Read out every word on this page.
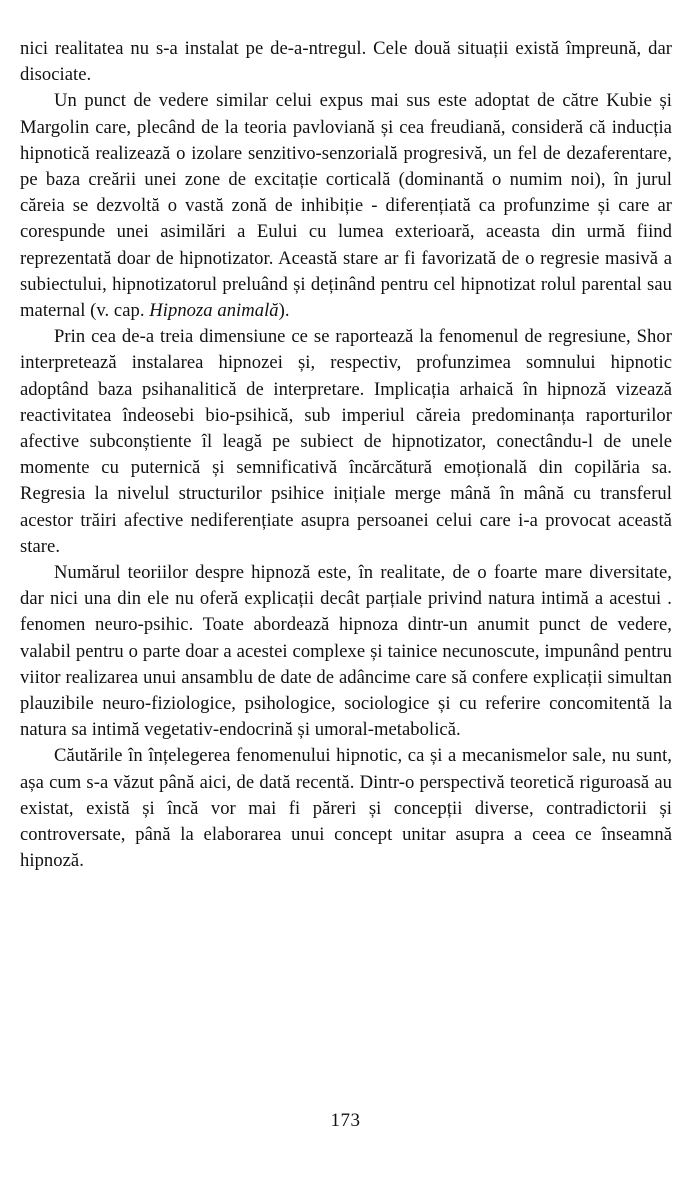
nici realitatea nu s-a instalat pe de-a-ntregul. Cele două situații există împreună, dar disociate.

Un punct de vedere similar celui expus mai sus este adoptat de către Kubie și Margolin care, plecând de la teoria pavloviană și cea freudiană, consideră că inducția hipnotică realizează o izolare senzitivo-senzorială progresivă, un fel de dezaferentare, pe baza creării unei zone de excitație corticală (dominantă o numim noi), în jurul căreia se dezvoltă o vastă zonă de inhibiție - diferențiată ca profunzime și care ar corespunde unei asimilări a Eului cu lumea exterioară, aceasta din urmă fiind reprezentată doar de hipnotizator. Această stare ar fi favorizată de o regresie masivă a subiectului, hipnotizatorul preluând și deținând pentru cel hipnotizat rolul parental sau maternal (v. cap. Hipnoza animală).

Prin cea de-a treia dimensiune ce se raportează la fenomenul de regresiune, Shor interpretează instalarea hipnozei și, respectiv, profunzimea somnului hipnotic adoptând baza psihanalitică de interpretare. Implicația arhaică în hipnoză vizează reactivitatea îndeosebi bio-psihică, sub imperiul căreia predominanța raporturilor afective subconștiente îl leagă pe subiect de hipnotizator, conectându-l de unele momente cu puternică și semnificativă încărcătură emoțională din copilăria sa. Regresia la nivelul structurilor psihice inițiale merge mână în mână cu transferul acestor trăiri afective nediferențiate asupra persoanei celui care i-a provocat această stare.

Numărul teoriilor despre hipnoză este, în realitate, de o foarte mare diversitate, dar nici una din ele nu oferă explicații decât parțiale privind natura intimă a acestui . fenomen neuro-psihic. Toate abordează hipnoza dintr-un anumit punct de vedere, valabil pentru o parte doar a acestei complexe și tainice necunoscute, impunând pentru viitor realizarea unui ansamblu de date de adâncime care să confere explicații simultan plauzibile neuro-fiziologice, psihologice, sociologice și cu referire concomitentă la natura sa intimă vegetativ-endocrină și umoral-metabolică.

Căutările în înțelegerea fenomenului hipnotic, ca și a mecanismelor sale, nu sunt, așa cum s-a văzut până aici, de dată recentă. Dintr-o perspectivă teoretică riguroasă au existat, există și încă vor mai fi păreri și concepții diverse, contradictorii și controversate, până la elaborarea unui concept unitar asupra a ceea ce înseamnă hipnoză.

173
